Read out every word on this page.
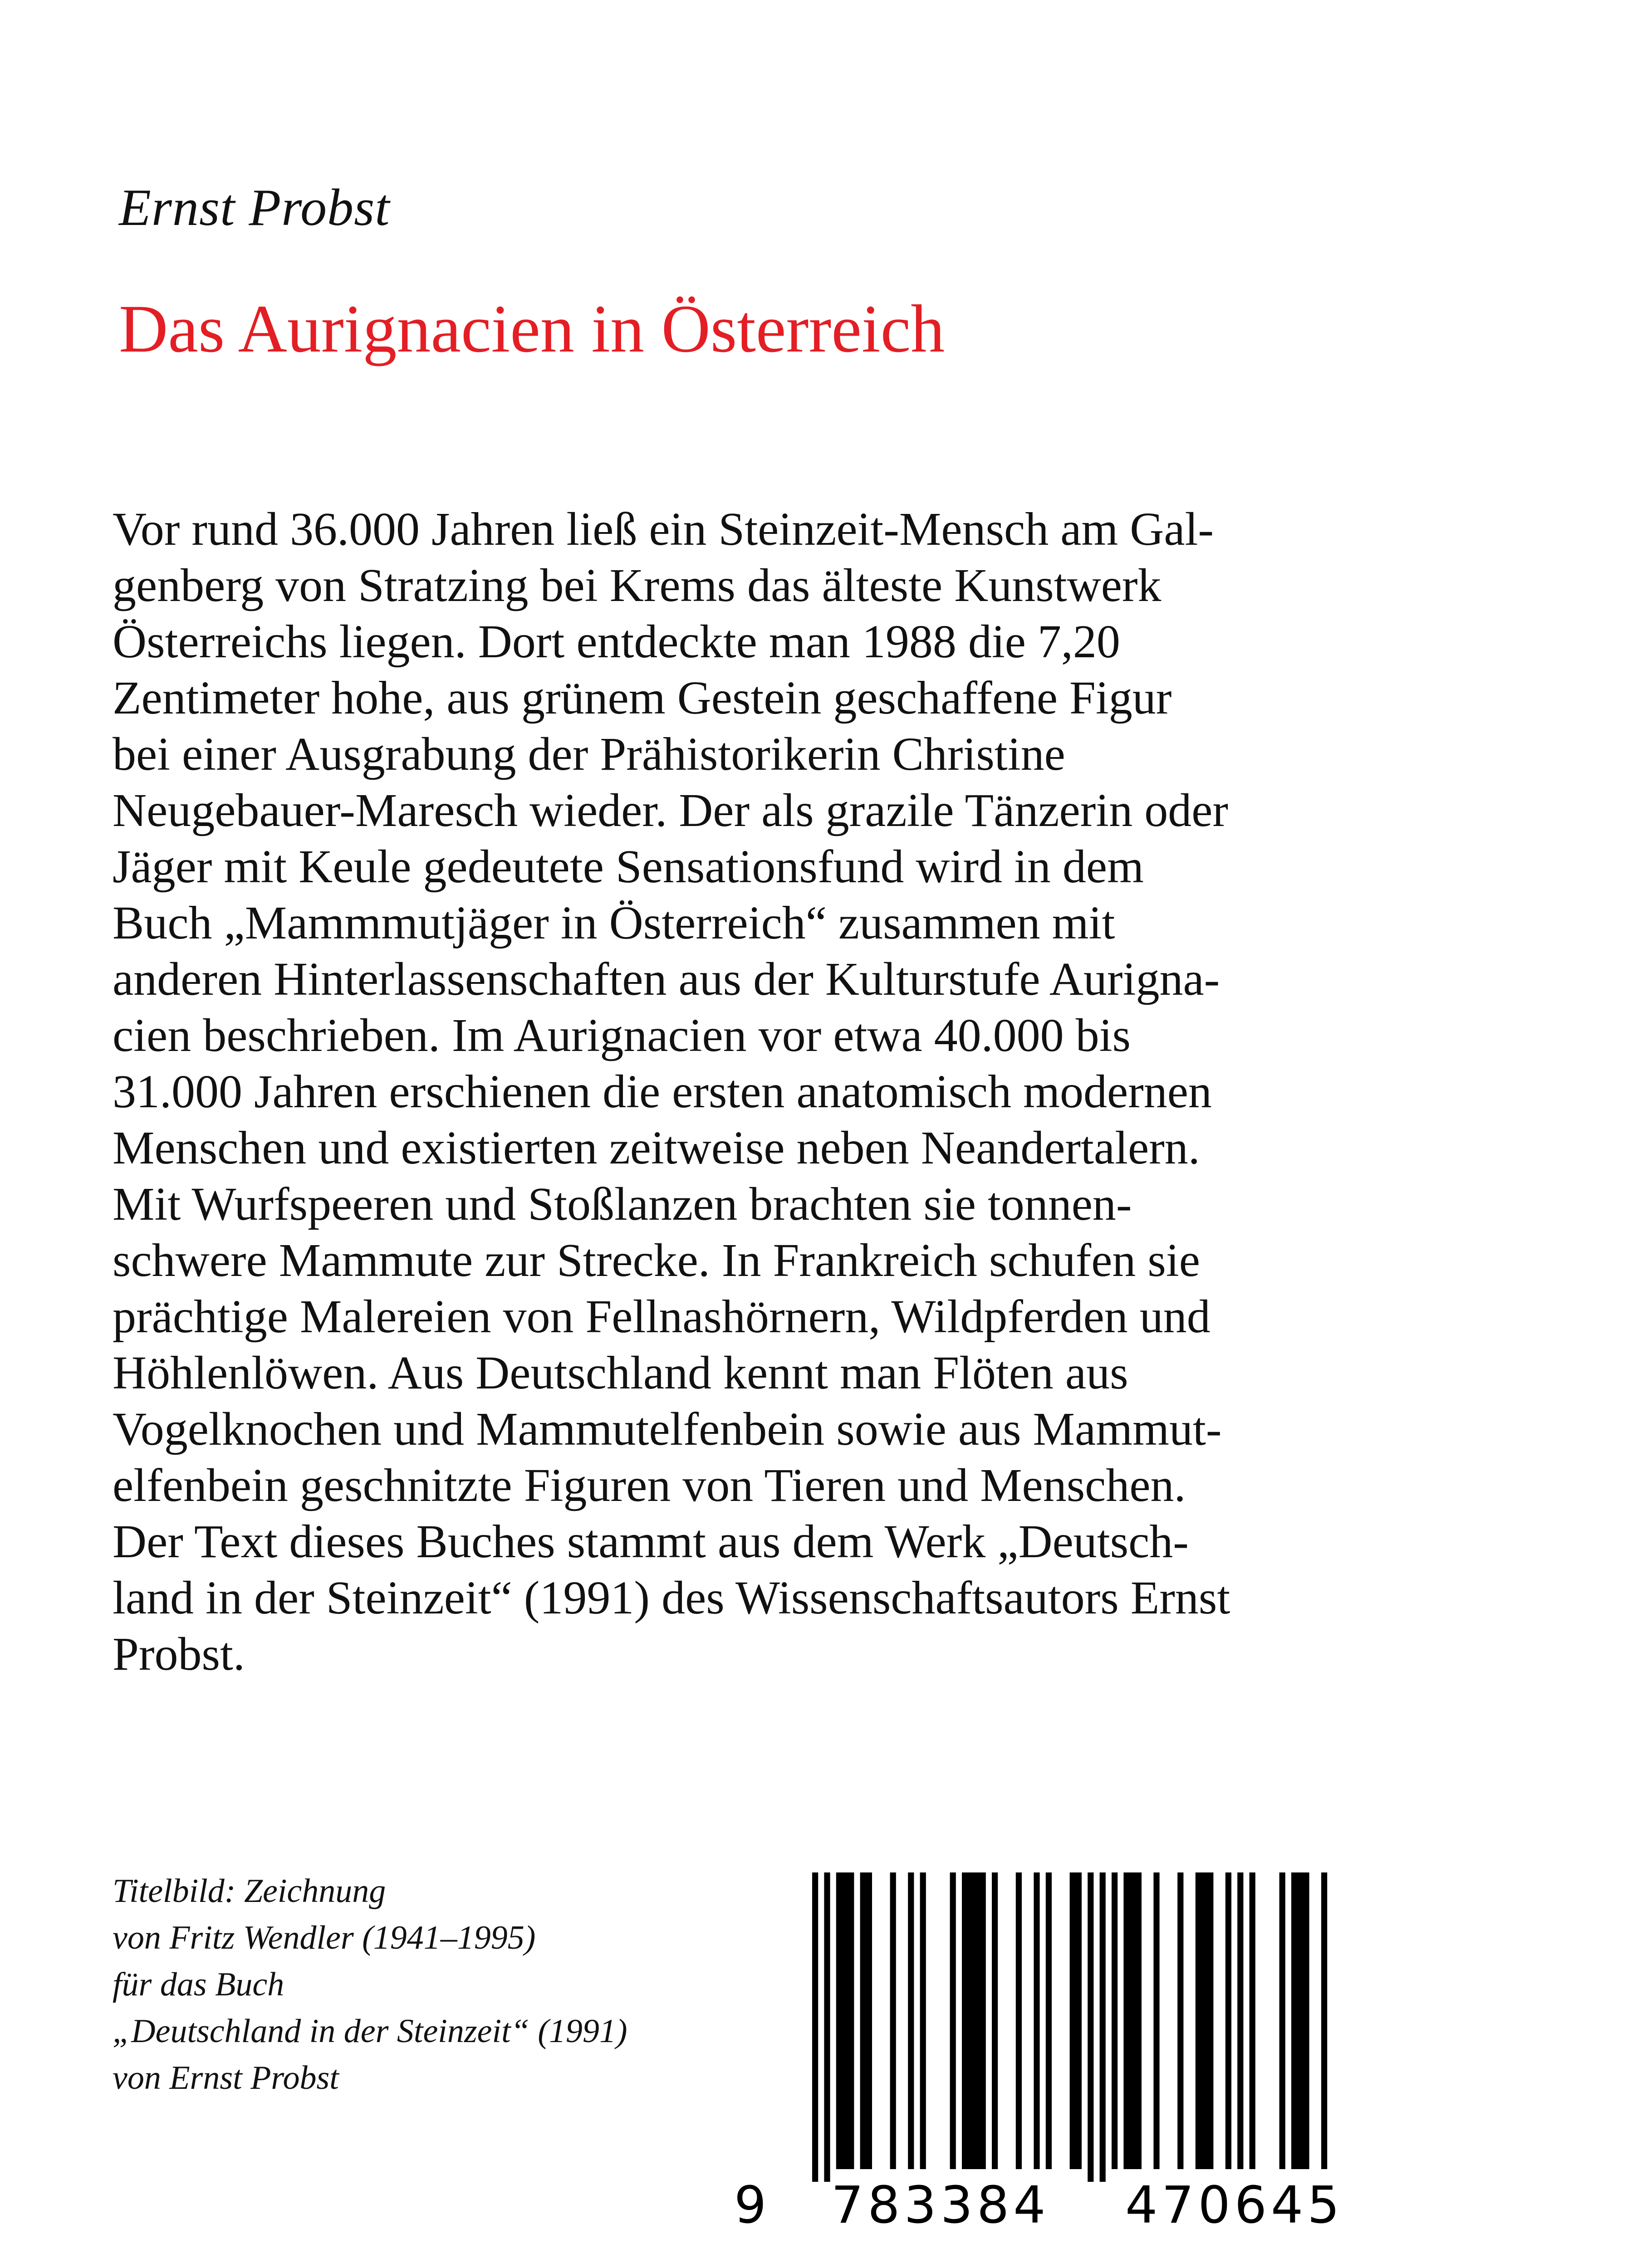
Ernst Probst
Das Aurignacien in Österreich
Vor rund 36.000 Jahren ließ ein Steinzeit-Mensch am Gal-
genberg von Stratzing bei Krems das älteste Kunstwerk
Österreichs liegen. Dort entdeckte man 1988 die 7,20
Zentimeter hohe, aus grünem Gestein geschaffene Figur
bei einer Ausgrabung der Prähistorikerin Christine
Neugebauer-Maresch wieder. Der als grazile Tänzerin oder
Jäger mit Keule gedeutete Sensationsfund wird in dem
Buch „Mammmutjäger in Österreich“ zusammen mit
anderen Hinterlassenschaften aus der Kulturstufe Aurigna-
cien beschrieben. Im Aurignacien vor etwa 40.000 bis
31.000 Jahren erschienen die ersten anatomisch modernen
Menschen und existierten zeitweise neben Neandertalern.
Mit Wurfspeeren und Stoßlanzen brachten sie tonnen-
schwere Mammute zur Strecke. In Frankreich schufen sie
prächtige Malereien von Fellnashörnern, Wildpferden und
Höhlenlöwen. Aus Deutschland kennt man Flöten aus
Vogelknochen und Mammutelfenbein sowie aus Mammut-
elfenbein geschnitzte Figuren von Tieren und Menschen.
Der Text dieses Buches stammt aus dem Werk „Deutsch-
land in der Steinzeit“ (1991) des Wissenschaftsautors Ernst
Probst.
Titelbild: Zeichnung
von Fritz Wendler (1941–1995)
für das Buch
„Deutschland in der Steinzeit“ (1991)
von Ernst Probst
9 783384 470645
